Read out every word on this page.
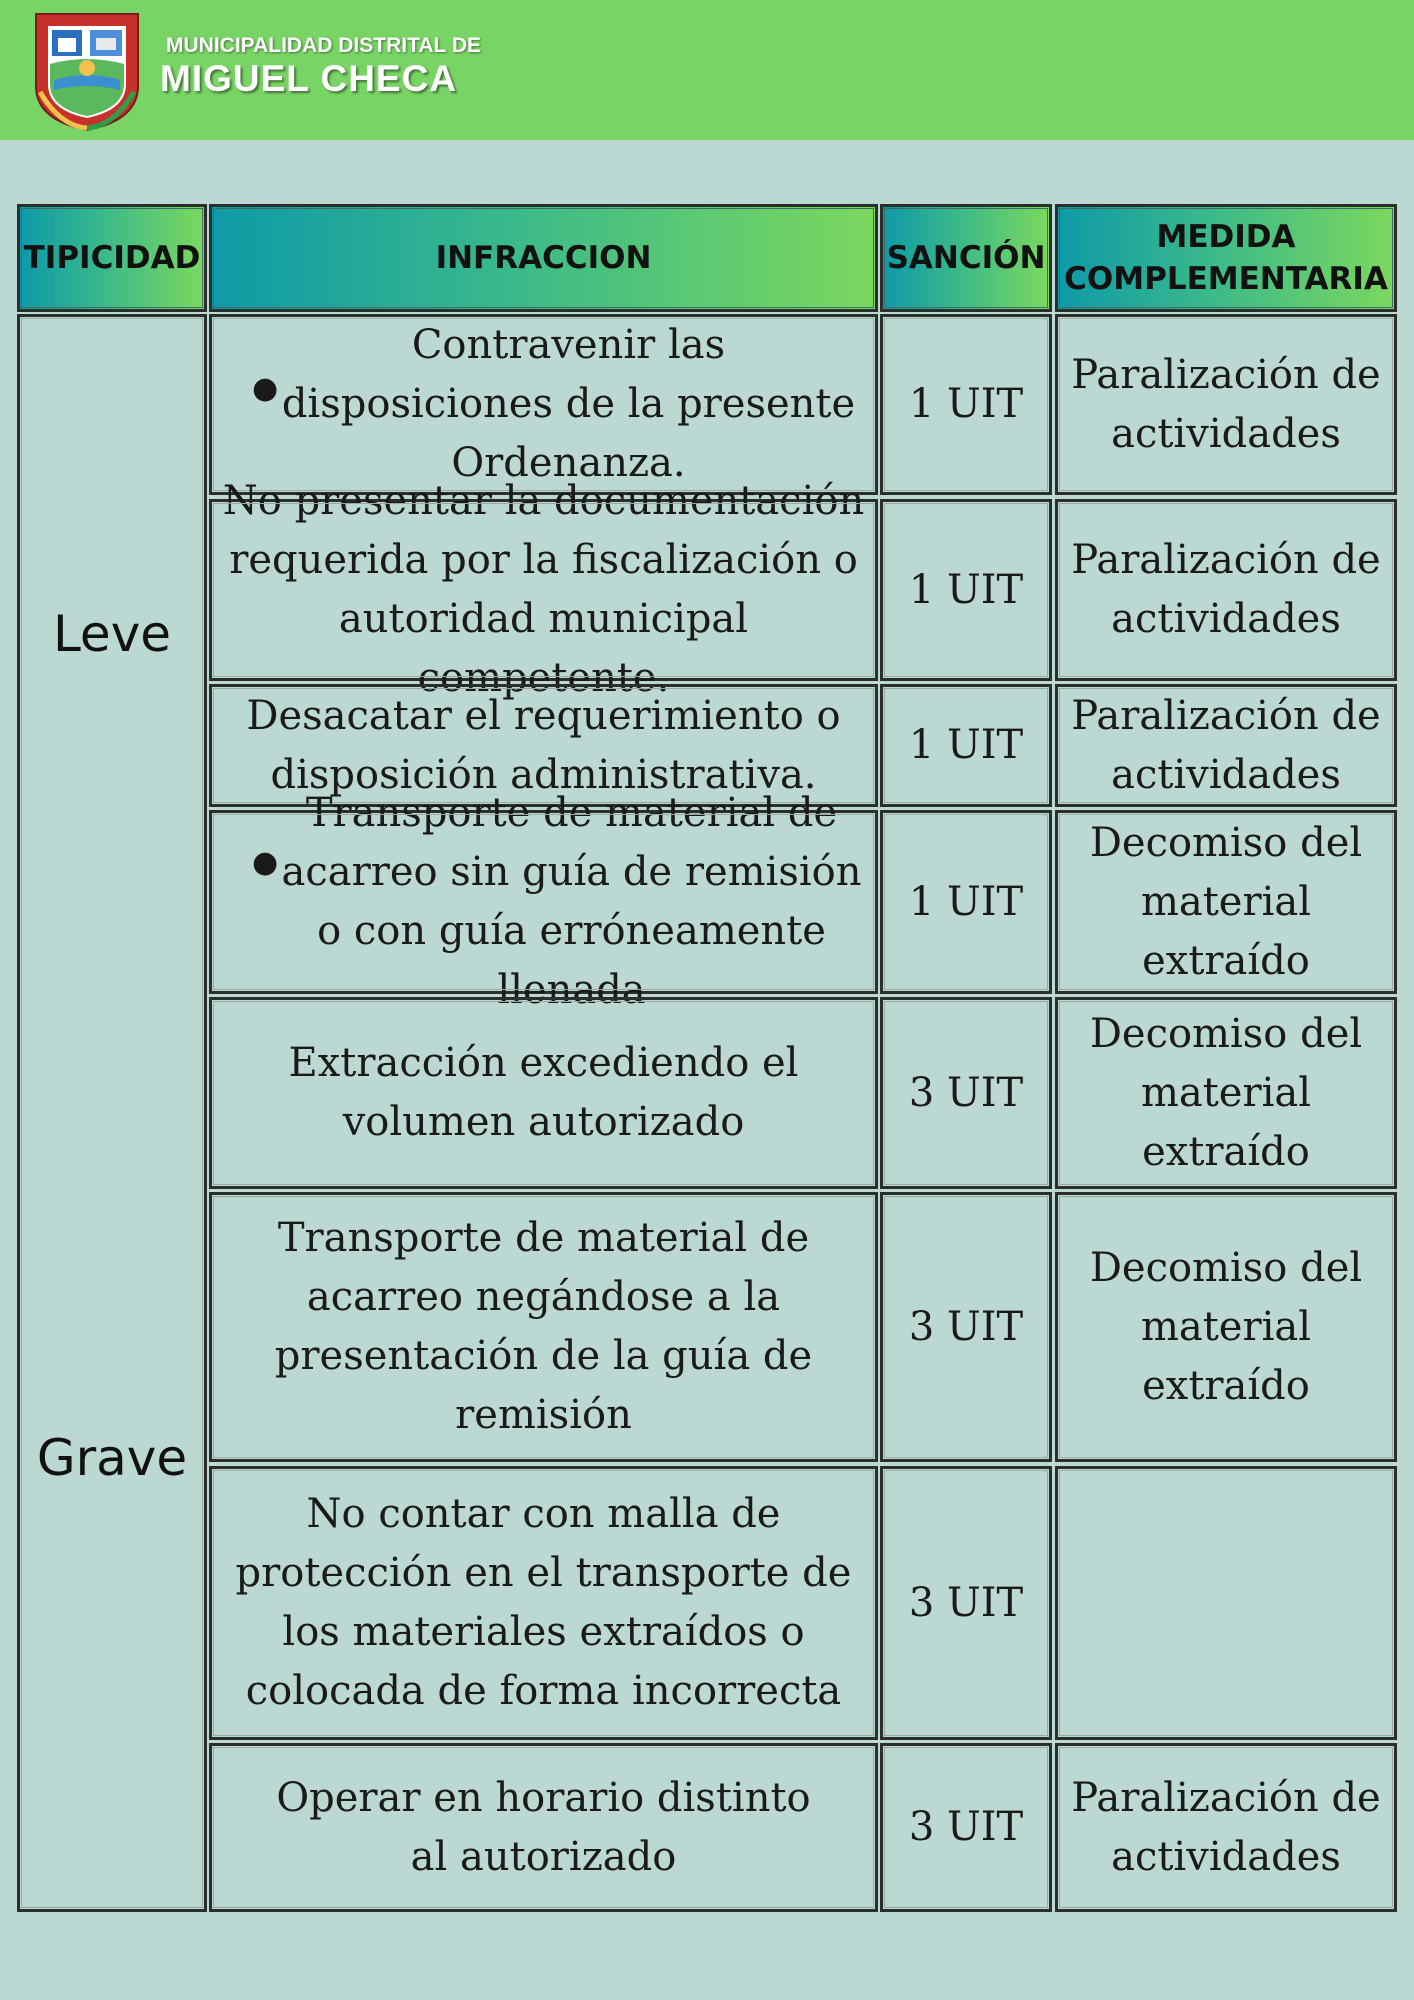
MUNICIPALIDAD DISTRITAL DE
MIGUEL CHECA
TIPICIDAD	INFRACCION	SANCIÓN
MEDIDA
COMPLEMENTARIA
Leve
Grave
●
Contravenir las disposiciones de la presente Ordenanza.
1 UIT
Paralización de actividades
No presentar la documentación requerida por la fiscalización o autoridad municipal competente.
1 UIT
Paralización de actividades
Desacatar el requerimiento o disposición administrativa.
1 UIT
Paralización de actividades
●
Transporte de material de acarreo sin guía de remisión o con guía erróneamente llenada
1 UIT
Decomiso del material extraído
Extracción excediendo el volumen autorizado
3 UIT
Decomiso del material extraído
Transporte de material de acarreo negándose a la presentación de la guía de remisión
3 UIT
Decomiso del material extraído
No contar con malla de protección en el transporte de los materiales extraídos o colocada de forma incorrecta
3 UIT
Operar en horario distinto al autorizado
3 UIT
Paralización de actividades
